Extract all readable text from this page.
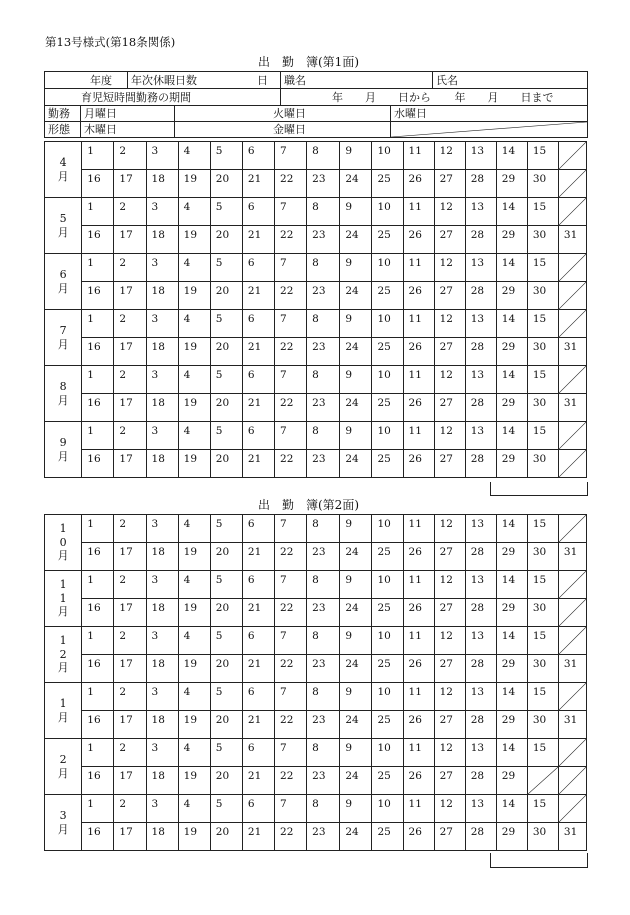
第13号様式(第18条関係)
出　勤　簿(第1面)
年度		年次休暇日数 日		職名		氏名
育児短時間勤務の期間				年　　月　　日から 年　　月　　日まで		
勤務	月曜日		火曜日		水曜日	
形態	木曜日		金曜日	
4
月	1	2	3	4	5	6	7	8	9	10	11	12	13	14	15	

	16	17	18	19	20	21	22	23	24	25	26	27	28	29	30	

5
月	1	2	3	4	5	6	7	8	9	10	11	12	13	14	15	

	16	17	18	19	20	21	22	23	24	25	26	27	28	29	30	31
6
月	1	2	3	4	5	6	7	8	9	10	11	12	13	14	15	

	16	17	18	19	20	21	22	23	24	25	26	27	28	29	30	

7
月	1	2	3	4	5	6	7	8	9	10	11	12	13	14	15	

	16	17	18	19	20	21	22	23	24	25	26	27	28	29	30	31
8
月	1	2	3	4	5	6	7	8	9	10	11	12	13	14	15	

	16	17	18	19	20	21	22	23	24	25	26	27	28	29	30	31
9
月	1	2	3	4	5	6	7	8	9	10	11	12	13	14	15	

	16	17	18	19	20	21	22	23	24	25	26	27	28	29	30	
出　勤　簿(第2面)
1
0
月	1	2	3	4	5	6	7	8	9	10	11	12	13	14	15	

	16	17	18	19	20	21	22	23	24	25	26	27	28	29	30	31
1
1
月	1	2	3	4	5	6	7	8	9	10	11	12	13	14	15	

	16	17	18	19	20	21	22	23	24	25	26	27	28	29	30	

1
2
月	1	2	3	4	5	6	7	8	9	10	11	12	13	14	15	

	16	17	18	19	20	21	22	23	24	25	26	27	28	29	30	31
1
月	1	2	3	4	5	6	7	8	9	10	11	12	13	14	15	

	16	17	18	19	20	21	22	23	24	25	26	27	28	29	30	31
2
月	1	2	3	4	5	6	7	8	9	10	11	12	13	14	15	

	16	17	18	19	20	21	22	23	24	25	26	27	28	29	

3
月	1	2	3	4	5	6	7	8	9	10	11	12	13	14	15	

	16	17	18	19	20	21	22	23	24	25	26	27	28	29	30	31
